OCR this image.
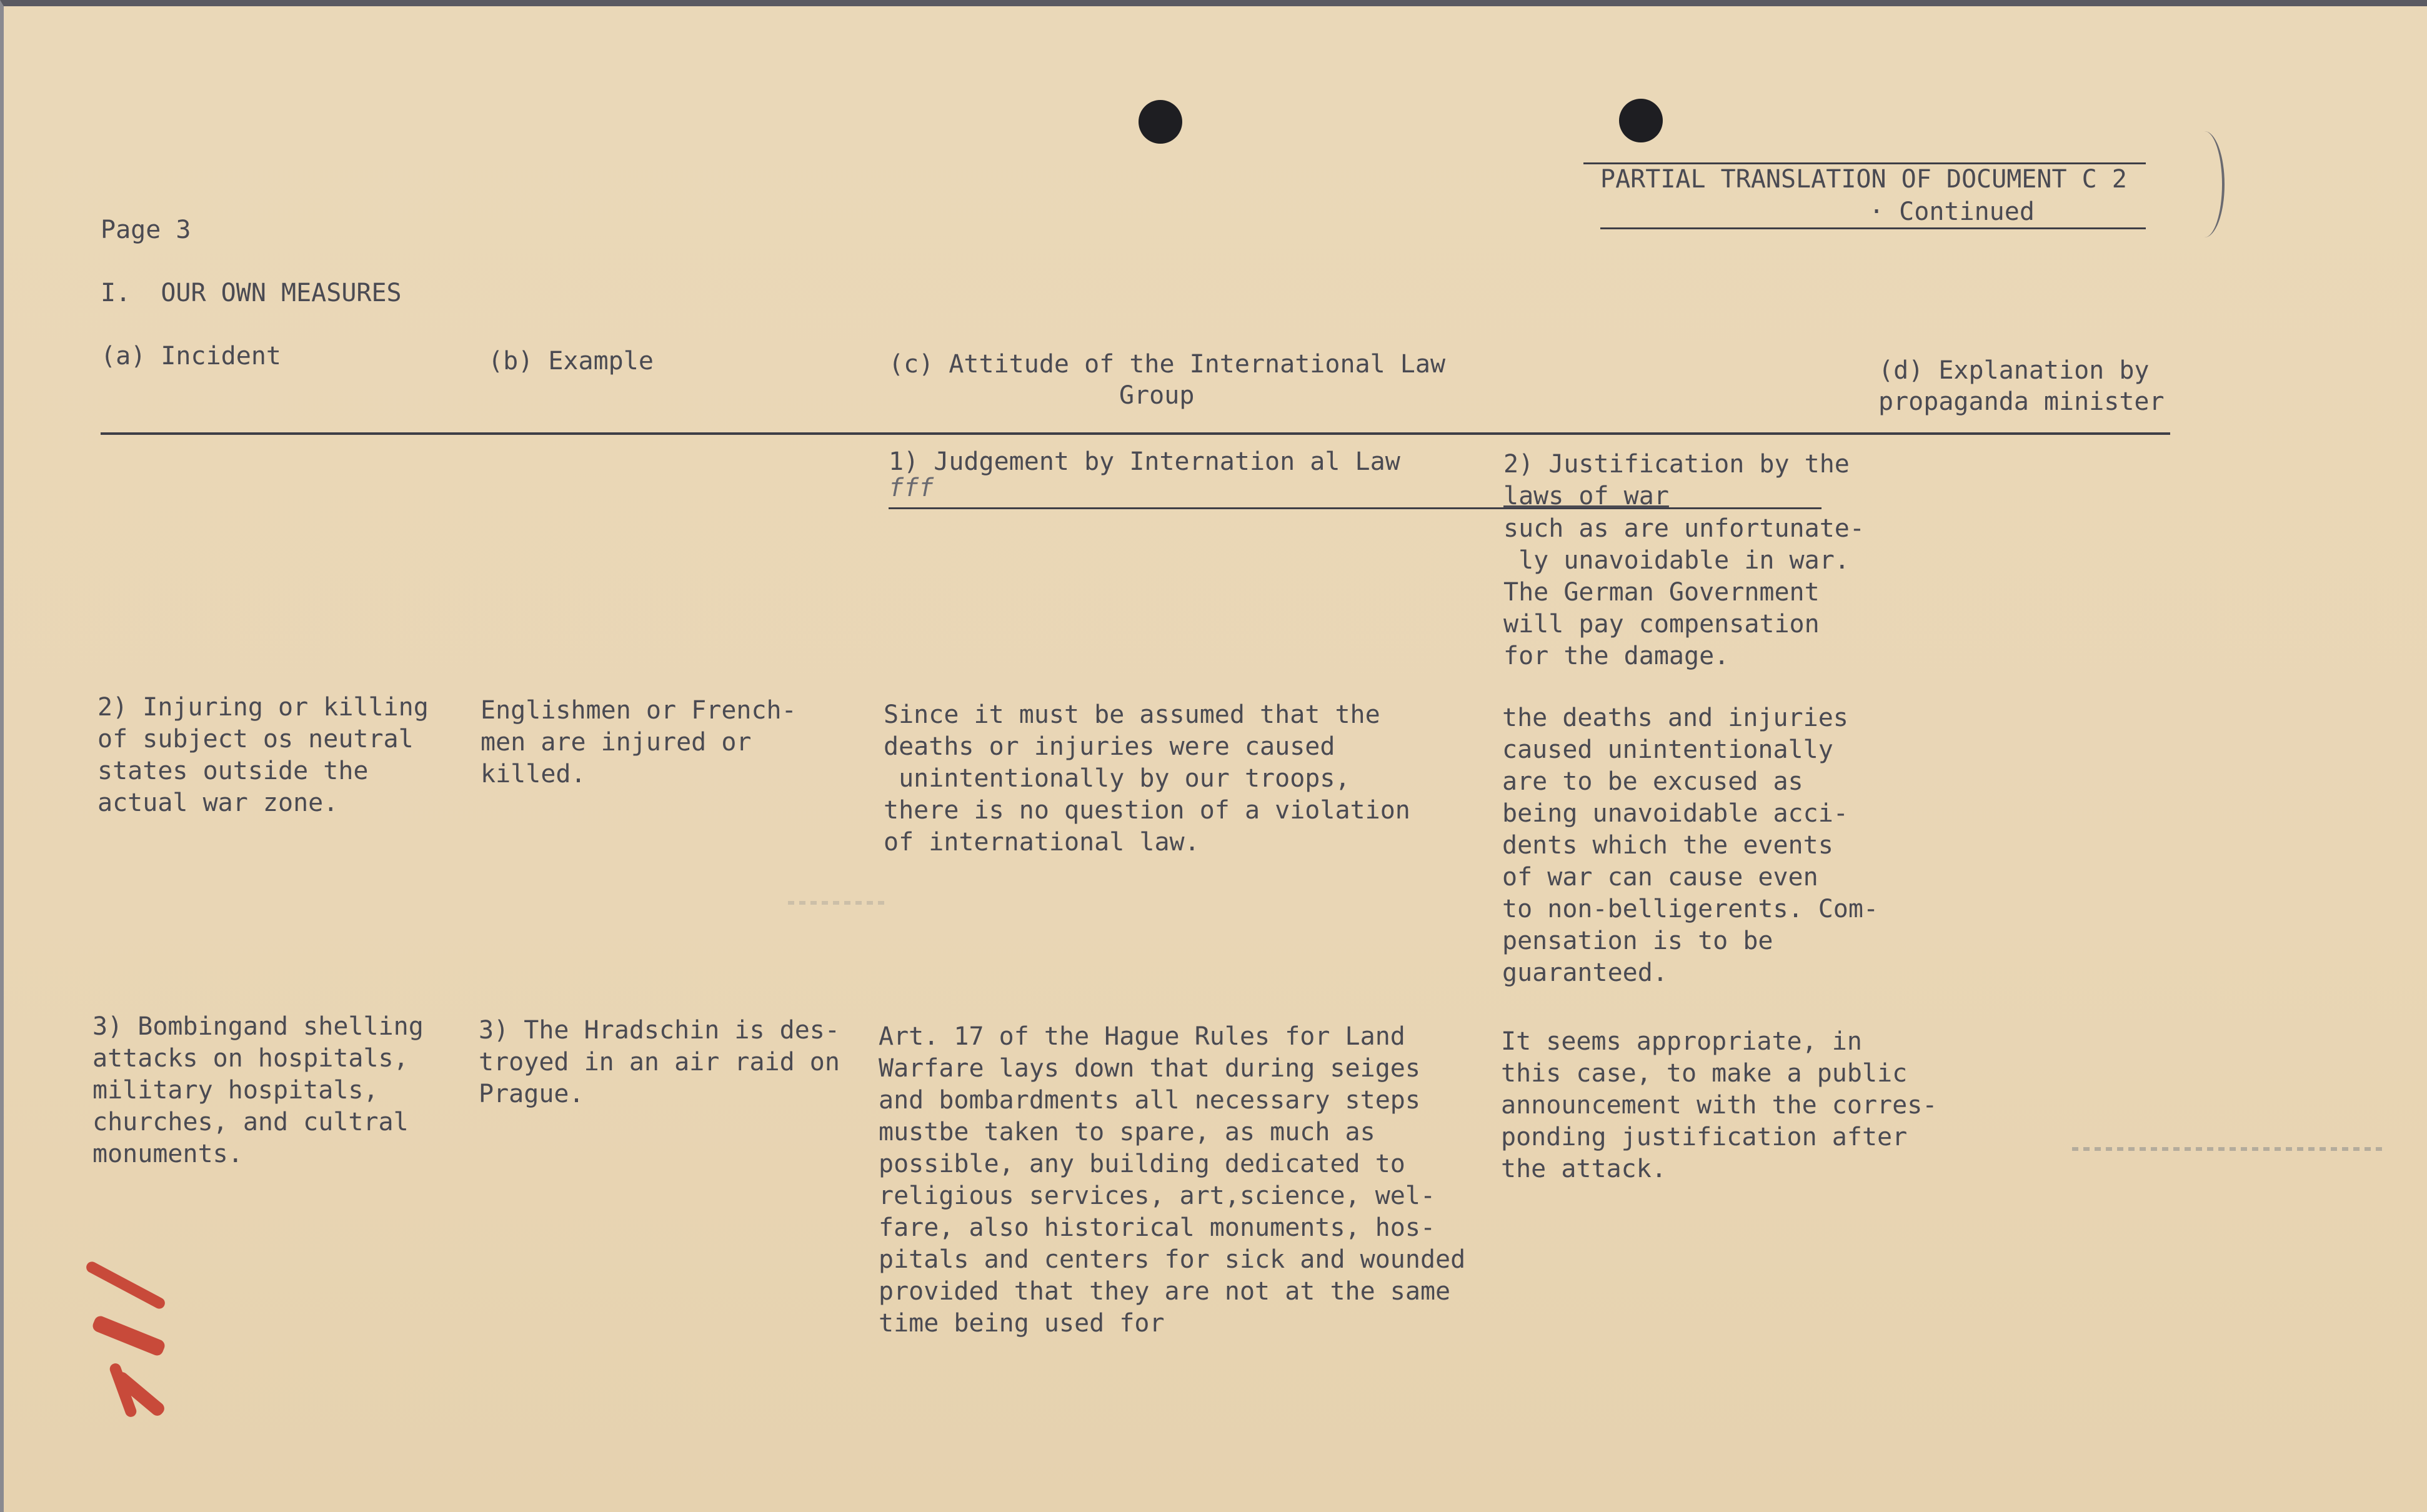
PARTIAL TRANSLATION OF DOCUMENT C 2
· Continued
Page 3
I.  OUR OWN MEASURES
(a) Incident	(b) Example	(c) Attitude of the International Law
Group
(d) Explanation by
propaganda minister
1) Judgement by Internation al Law
fff
2) Justification by the
laws of war
such as are unfortunate-
ly unavoidable in war.
The German Government
will pay compensation
for the damage.
2) Injuring or killing
of subject os neutral
states outside the
actual war zone.
Englishmen or French-
men are injured or
killed.
Since it must be assumed that the
deaths or injuries were caused
unintentionally by our troops,
there is no question of a violation
of international law.
the deaths and injuries
caused unintentionally
are to be excused as
being unavoidable acci-
dents which the events
of war can cause even
to non-belligerents. Com-
pensation is to be
guaranteed.
3) Bombingand shelling
attacks on hospitals,
military hospitals,
churches, and cultral
monuments.
3) The Hradschin is des-
troyed in an air raid on
Prague.
Art. 17 of the Hague Rules for Land
Warfare lays down that during seiges
and bombardments all necessary steps
mustbe taken to spare, as much as
possible, any building dedicated to
religious services, art,science, wel-
fare, also historical monuments, hos-
pitals and centers for sick and wounded
provided that they are not at the same
time being used for
It seems appropriate, in
this case, to make a public
announcement with the corres-
ponding justification after
the attack.
